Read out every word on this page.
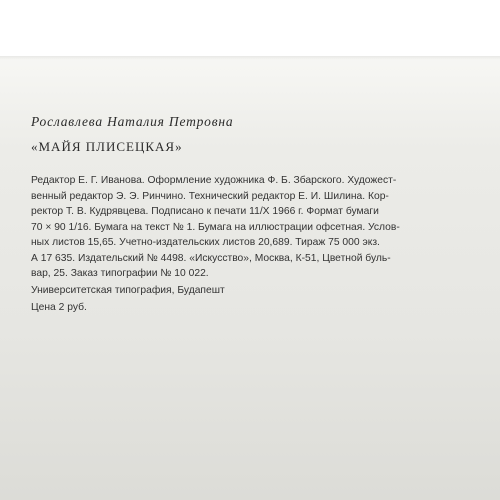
Рославлева Наталия Петровна
«МАЙЯ ПЛИСЕЦКАЯ»
Редактор Е. Г. Иванова. Оформление художника Ф. Б. Збарского. Художест-
венный редактор Э. Э. Ринчино. Технический редактор Е. И. Шилина. Кор-
ректор Т. В. Кудрявцева. Подписано к печати 11/X 1966 г. Формат бумаги
70 × 90 1/16. Бумага на текст № 1. Бумага на иллюстрации офсетная. Услов-
ных листов 15,65. Учетно-издательских листов 20,689. Тираж 75 000 экз.
А 17 635. Издательский № 4498. «Искусство», Москва, К-51, Цветной буль-
вар, 25. Заказ типографии № 10 022.
Университетская типография, Будапешт
Цена 2 руб.
